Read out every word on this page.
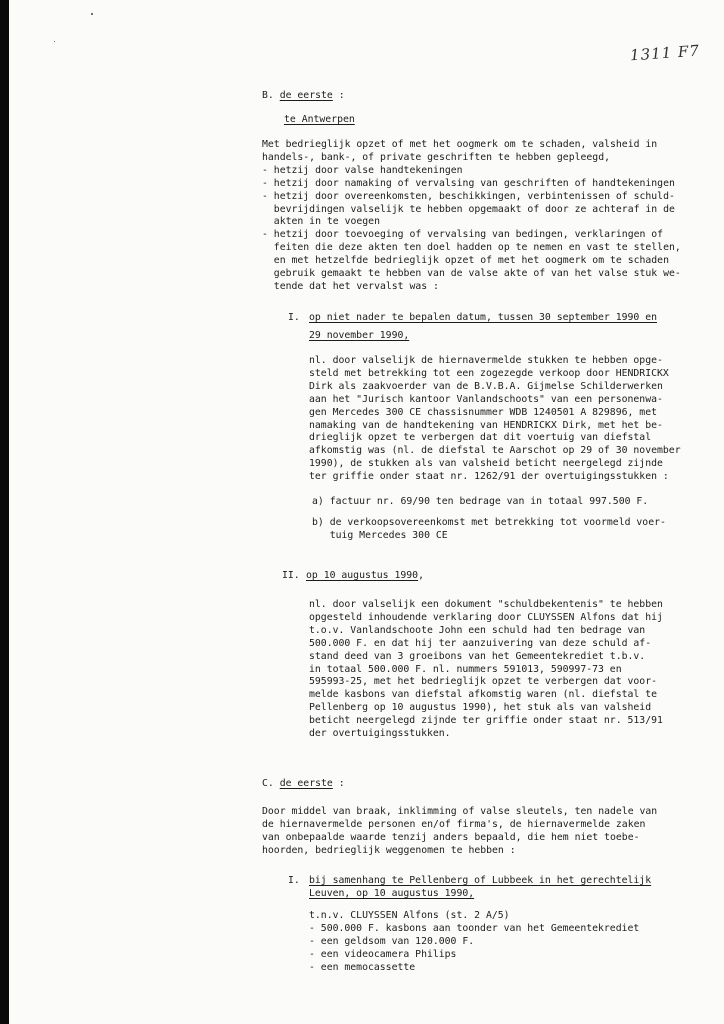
1311 F7
B. de eerste :
te Antwerpen
Met bedrieglijk opzet of met het oogmerk om te schaden, valsheid in
handels-, bank-, of private geschriften te hebben gepleegd,
- hetzij door valse handtekeningen
- hetzij door namaking of vervalsing van geschriften of handtekeningen
- hetzij door overeenkomsten, beschikkingen, verbintenissen of schuld-
bevrijdingen valselijk te hebben opgemaakt of door ze achteraf in de
akten in te voegen
- hetzij door toevoeging of vervalsing van bedingen, verklaringen of
feiten die deze akten ten doel hadden op te nemen en vast te stellen,
en met hetzelfde bedrieglijk opzet of met het oogmerk om te schaden
gebruik gemaakt te hebben van de valse akte of van het valse stuk we-
tende dat het vervalst was :
I. op niet nader te bepalen datum, tussen 30 september 1990 en
29 november 1990,
nl. door valselijk de hiernavermelde stukken te hebben opge-
steld met betrekking tot een zogezegde verkoop door HENDRICKX
Dirk als zaakvoerder van de B.V.B.A. Gijmelse Schilderwerken
aan het "Jurisch kantoor Vanlandschoots" van een personenwa-
gen Mercedes 300 CE chassisnummer WDB 1240501 A 829896, met
namaking van de handtekening van HENDRICKX Dirk, met het be-
drieglijk opzet te verbergen dat dit voertuig van diefstal
afkomstig was (nl. de diefstal te Aarschot op 29 of 30 november
1990), de stukken als van valsheid beticht neergelegd zijnde
ter griffie onder staat nr. 1262/91 der overtuigingsstukken :
a) factuur nr. 69/90 ten bedrage van in totaal 997.500 F.
b) de verkoopsovereenkomst met betrekking tot voormeld voer-
tuig Mercedes 300 CE
II. op 10 augustus 1990,
nl. door valselijk een dokument "schuldbekentenis" te hebben
opgesteld inhoudende verklaring door CLUYSSEN Alfons dat hij
t.o.v. Vanlandschoote John een schuld had ten bedrage van
500.000 F. en dat hij ter aanzuivering van deze schuld af-
stand deed van 3 groeibons van het Gemeentekrediet t.b.v.
in totaal 500.000 F. nl. nummers 591013, 590997-73 en
595993-25, met het bedrieglijk opzet te verbergen dat voor-
melde kasbons van diefstal afkomstig waren (nl. diefstal te
Pellenberg op 10 augustus 1990), het stuk als van valsheid
beticht neergelegd zijnde ter griffie onder staat nr. 513/91
der overtuigingsstukken.
C. de eerste :
Door middel van braak, inklimming of valse sleutels, ten nadele van
de hiernavermelde personen en/of firma's, de hiernavermelde zaken
van onbepaalde waarde tenzij anders bepaald, die hem niet toebe-
hoorden, bedrieglijk weggenomen te hebben :
I. bij samenhang te Pellenberg of Lubbeek in het gerechtelijk
Leuven, op 10 augustus 1990,
t.n.v. CLUYSSEN Alfons (st. 2 A/5)
- 500.000 F. kasbons aan toonder van het Gemeentekrediet
- een geldsom van 120.000 F.
- een videocamera Philips
- een memocassette
